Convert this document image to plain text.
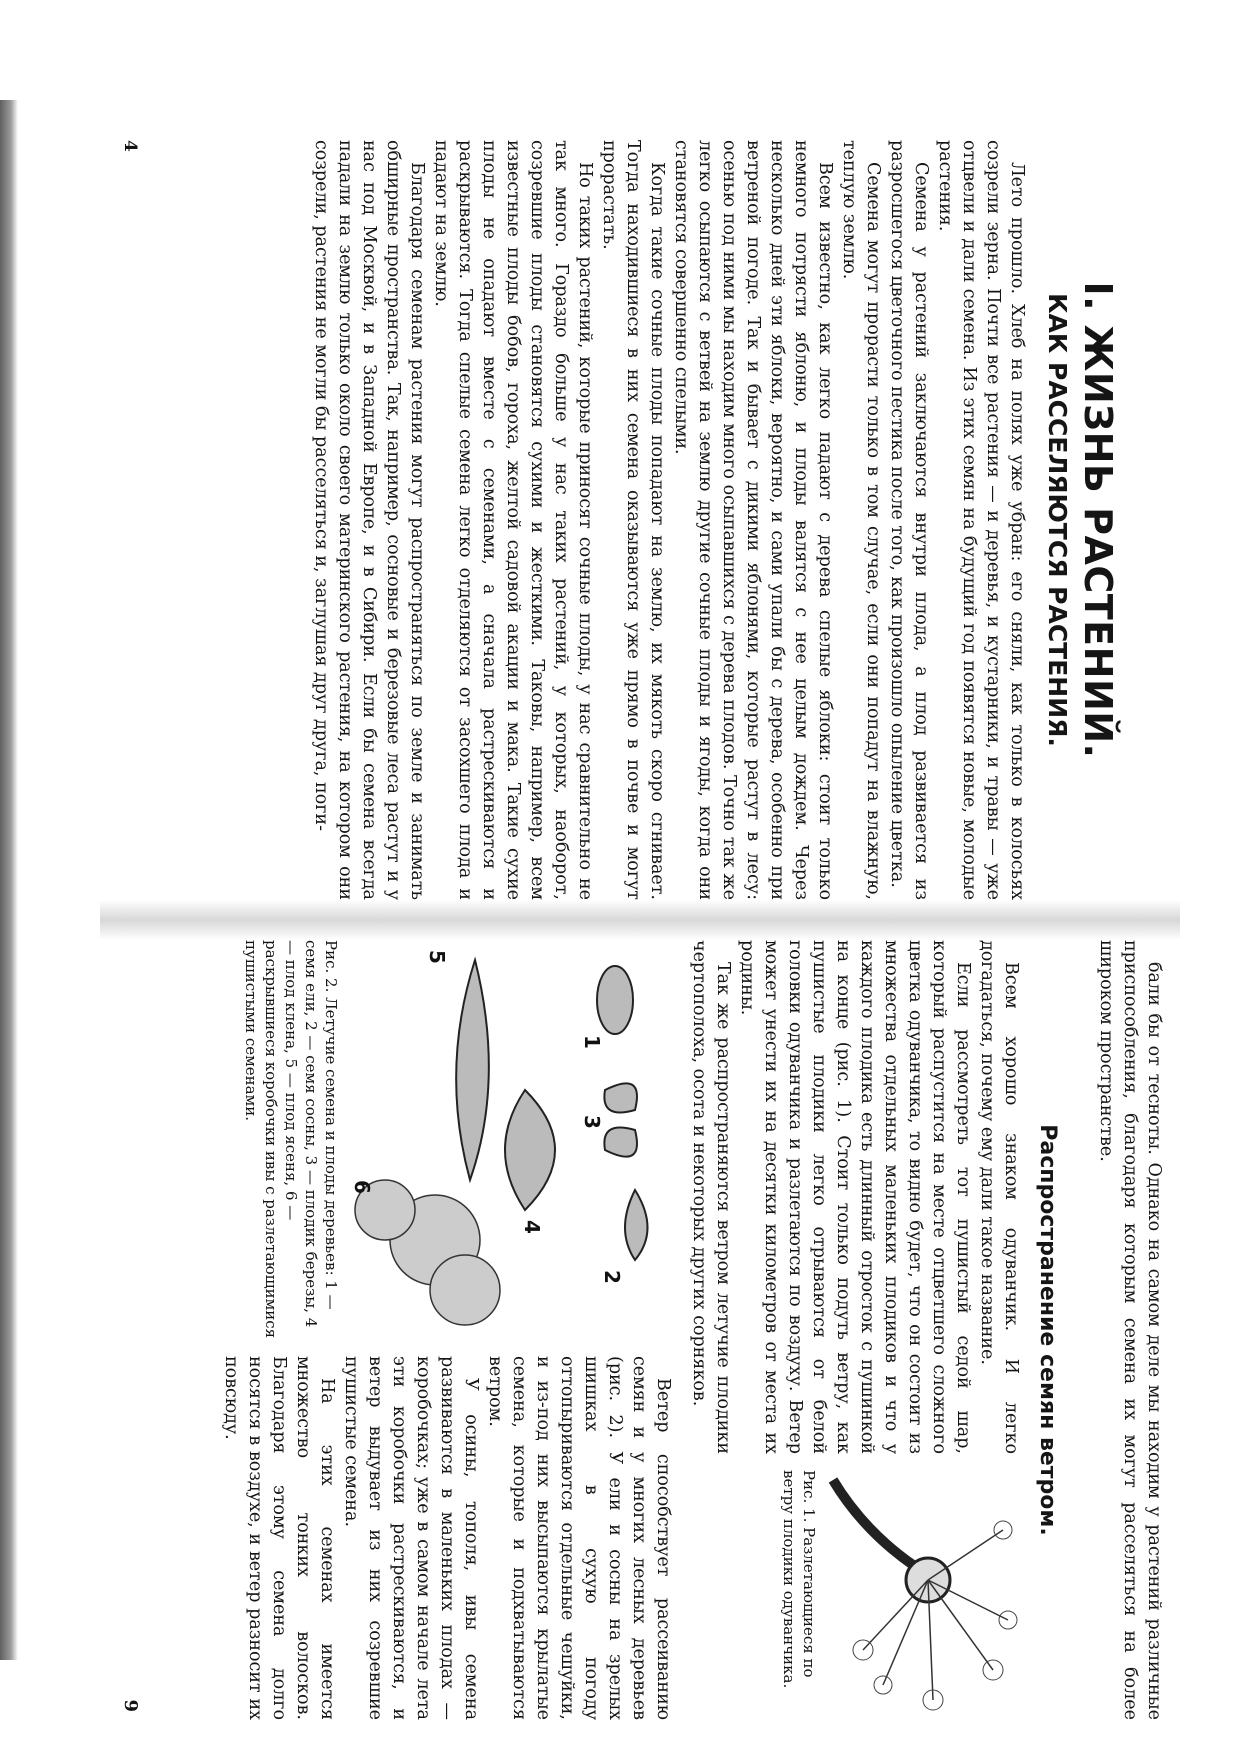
I. ЖИЗНЬ РАСТЕНИЙ.
КАК РАССЕЛЯЮТСЯ РАСТЕНИЯ.

Лето прошло. Хлеб на полях уже убран: его сняли, как только в колосьях созрели зерна. Почти все растения — и деревья, и кустарники, и травы — уже отцвели и дали семена. Из этих семян на будущий год появятся новые, молодые растения.

Семена у растений заключаются внутри плода, а плод развивается из разросшегося цветочного пестика после того, как произошло опыление цветка.

Семена могут прорасти только в том случае, если они попадут на влажную, теплую землю.

Всем известно, как легко падают с дерева спелые яблоки: стоит только немного потрясти яблоню, и плоды валятся с нее целым дождем. Через несколько дней эти яблоки, вероятно, и сами упали бы с дерева, особенно при ветреной погоде. Так и бывает с дикими яблонями, которые растут в лесу: осенью под ними мы находим много осыпавшихся с дерева плодов. Точно так же легко осыпаются с ветвей на землю другие сочные плоды и ягоды, когда они становятся совершенно спелыми.

Когда такие сочные плоды попадают на землю, их мякоть скоро сгнивает. Тогда находившиеся в них семена оказываются уже прямо в почве и могут прорастать.

Но таких растений, которые приносят сочные плоды, у нас сравнительно не так много. Гораздо больше у нас таких растений, у которых, наоборот, созревшие плоды становятся сухими и жесткими. Таковы, например, всем известные плоды бобов, гороха, желтой садовой акации и мака. Такие сухие плоды не опадают вместе с семенами, а сначала растрескиваются и раскрываются. Тогда спелые семена легко отделяются от засохшего плода и падают на землю.

Благодаря семенам растения могут распространяться по земле и занимать обширные пространства. Так, например, сосновые и березовые леса растут и у нас под Москвой, и в Западной Европе, и в Сибири. Если бы семена всегда падали на землю только около своего материнского растения, на котором они созрели, растения не могли бы расселяться и, заглушая друг друга, поги-

4

бали бы от тесноты. Однако на самом деле мы находим у растений различные приспособления, благодаря которым семена их могут расселяться на более широком пространстве.

Распространение семян ветром.

Всем хорошо знаком одуванчик. И легко догадаться, почему ему дали такое название.

Если рассмотреть тот пушистый седой шар, который распустится на месте отцветшего сложного цветка одуванчика, то видно будет, что он состоит из множества отдельных маленьких плодиков и что у каждого плодика есть длинный отросток с пушинкой на конце (рис. 1). Стоит только подуть ветру, как пушистые плодики легко отрываются от белой головки одуванчика и разлетаются по воздуху. Ветер может унести их на десятки километров от места их родины.

Так же распространяются ветром летучие плодики чертополоха, осота и некоторых других сорняков.

Рис. 1. Разлетающиеся по ветру плодики одуванчика.

1
2
3
4
5
6

Рис. 2. Летучие семена и плоды деревьев: 1 — семя ели, 2 — семя сосны, 3 — плодик березы, 4 — плод клена, 5 — плод ясеня, 6 — раскрывшиеся коробочки ивы с разлетающимися пушистыми семенами.

Ветер способствует рассеиванию семян и у многих лесных деревьев (рис. 2). У ели и сосны на зрелых шишках в сухую погоду оттопыриваются отдельные чешуйки, и из-под них высыпаются крылатые семена, которые и подхватываются ветром.

У осины, тополя, ивы семена развиваются в маленьких плодах — коробочках; уже в самом начале лета эти коробочки растрескиваются, и ветер выдувает из них созревшие пушистые семена.

На этих семенах имеется множество тонких волосков. Благодаря этому семена долго носятся в воздухе, и ветер разносит их повсюду.

9
